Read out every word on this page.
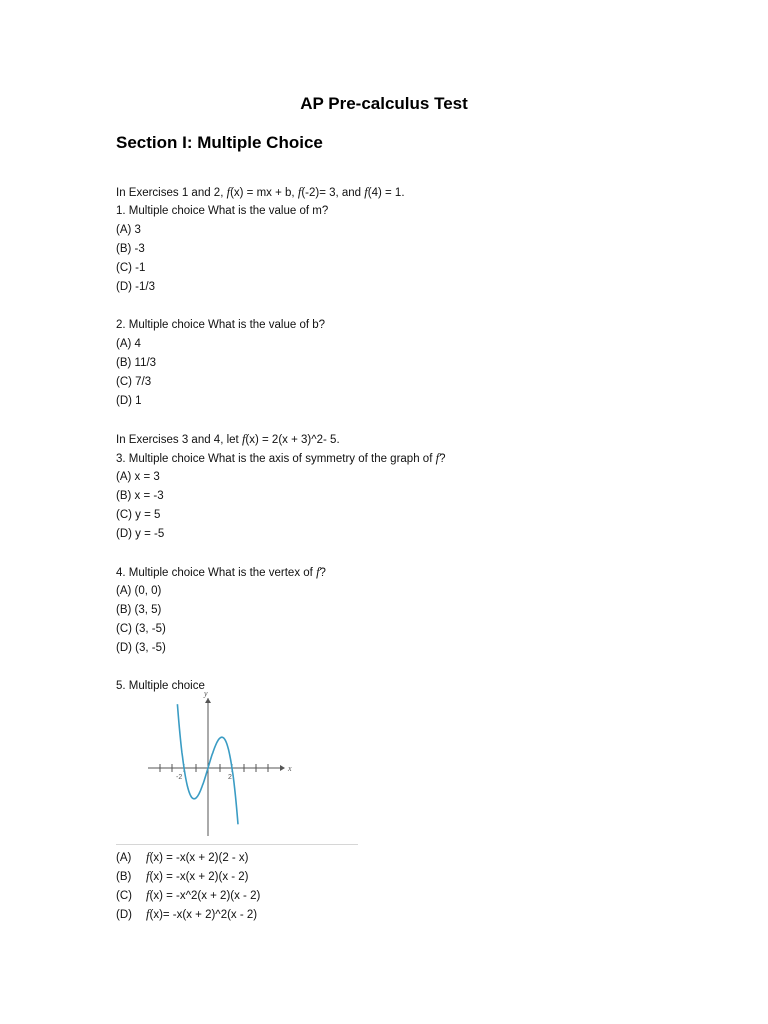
AP Pre-calculus Test
Section I: Multiple Choice
In Exercises 1 and 2, f(x) = mx + b, f(-2)= 3, and f(4) = 1.
1. Multiple choice What is the value of m?
(A) 3
(B) -3
(C) -1
(D) -1/3
2. Multiple choice What is the value of b?
(A) 4
(B) 11/3
(C) 7/3
(D) 1
In Exercises 3 and 4, let f(x) = 2(x + 3)^2- 5.
3. Multiple choice What is the axis of symmetry of the graph of f?
(A) x = 3
(B) x = -3
(C) y = 5
(D) y = -5
4. Multiple choice What is the vertex of f?
(A) (0, 0)
(B) (3, 5)
(C) (3, -5)
(D) (3, -5)
5. Multiple choice
x
y
-2	2
(A) f(x) = -x(x + 2)(2 - x)
(B) f(x) = -x(x + 2)(x - 2)
(C) f(x) = -x^2(x + 2)(x - 2)
(D) f(x)= -x(x + 2)^2(x - 2)
